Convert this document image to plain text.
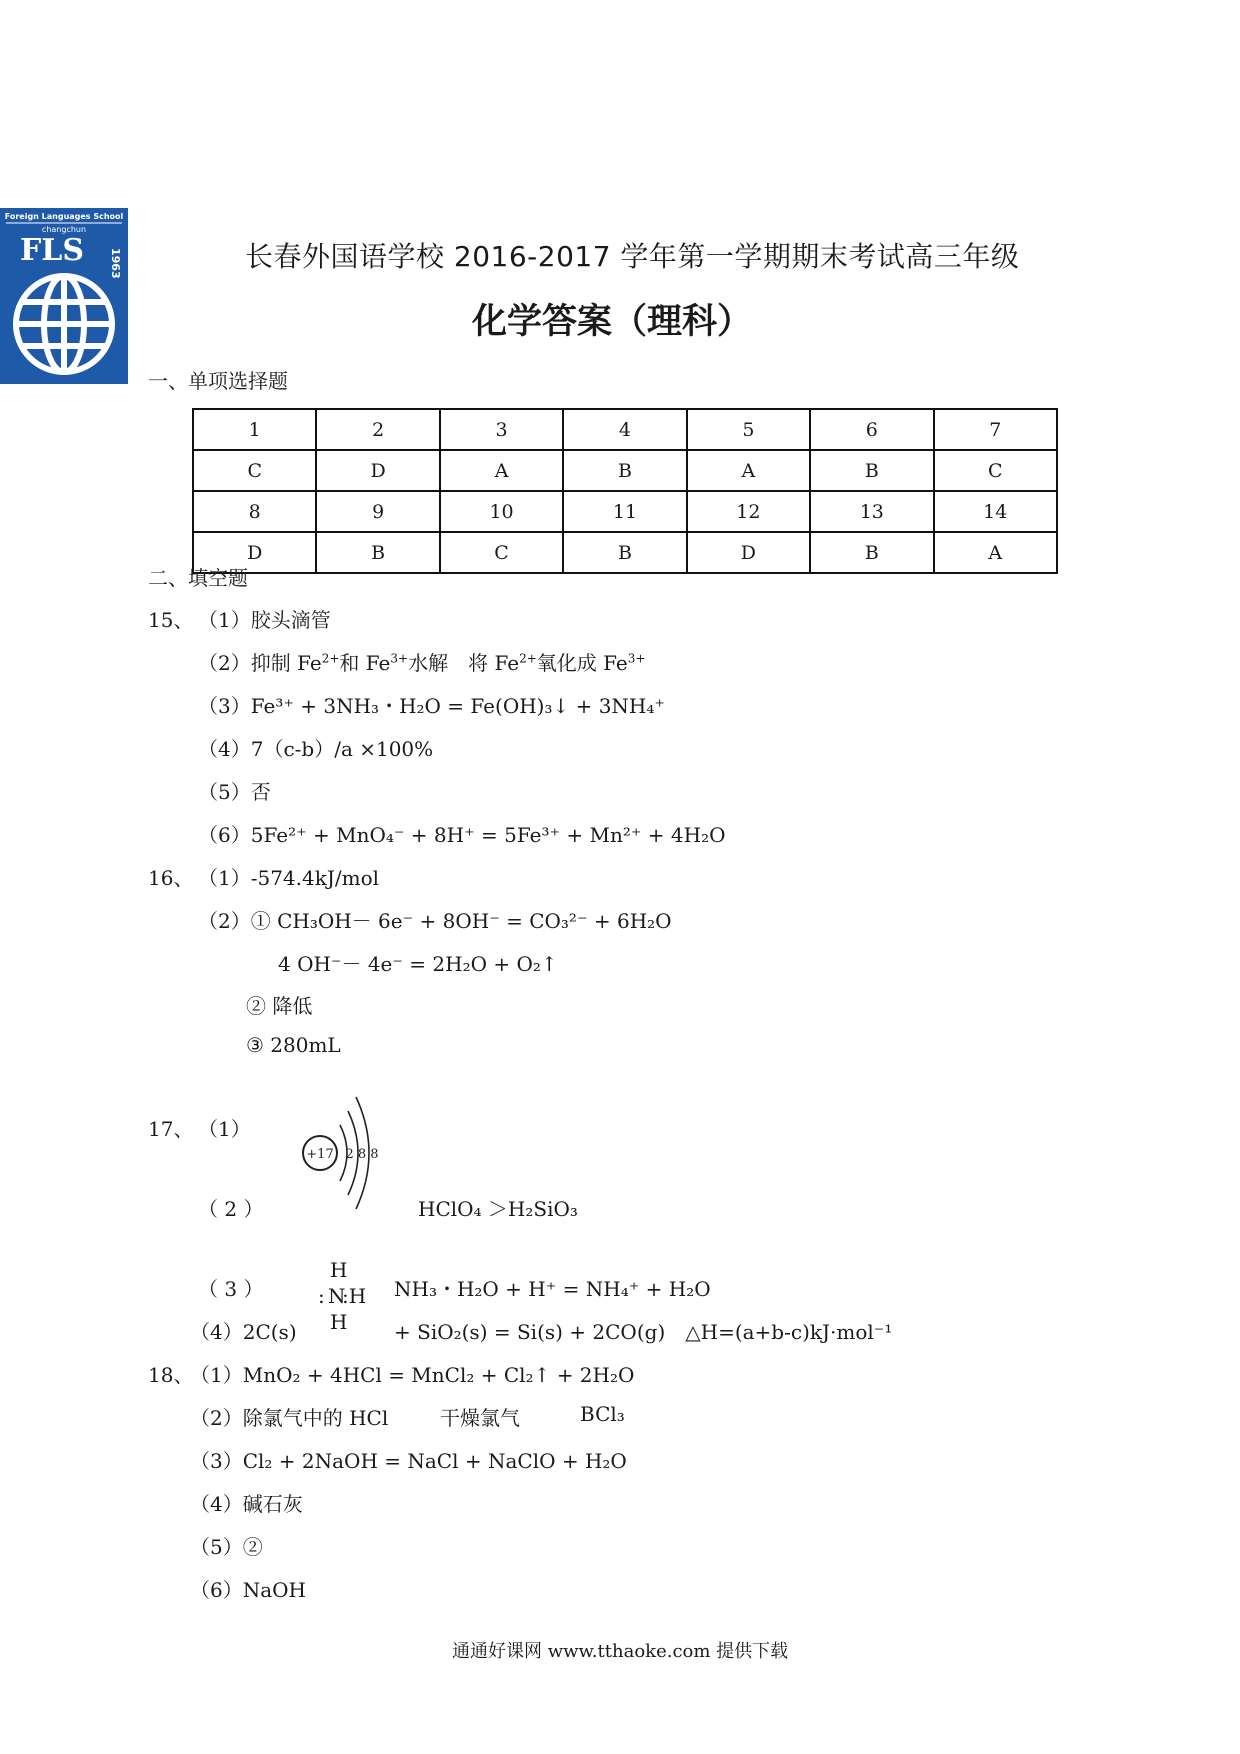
Foreign Languages School
changchun
FLS 1963	长春外国语学校 2016-2017 学年第一学期期末考试高三年级
化学答案（理科）
一、单项选择题
1	2	3	4	5	6	7
C	D	A	B	A	B	C
8	9	10	11	12	13	14
D	B	C	B	D	B	A
二、填空题
15、 （1）胶头滴管
（2）抑制 $Fe^{2+}$和 $Fe^{3+}$水解　将 $Fe^{2+}$氧化成 $Fe^{3+}$
（3）Fe³⁺ + 3NH₃・H₂O = Fe(OH)₃↓ + 3NH₄⁺
（4）7（c-b）/a ×100%
（5）否
（6）5Fe²⁺ + MnO₄⁻ + 8H⁺ = 5Fe³⁺ + Mn²⁺ + 4H₂O
16、 （1）-574.4kJ/mol
（2）① CH₃OH－ 6e⁻ + 8OH⁻ = CO₃²⁻ + 6H₂O
4 OH⁻－ 4e⁻ = 2H₂O + O₂↑
② 降低
③ 280mL
17、 （1）
+17 2 8 8
（ 2 ）	HClO₄ ＞H₂SiO₃
（ 3 ）
H
: N
:H
H
NH₃・H₂O + H⁺ = NH₄⁺ + H₂O
（4）2C(s)	+ SiO₂(s) = Si(s) + 2CO(g)　△H=(a+b-c)kJ·mol⁻¹
18、
（1）MnO₂ + 4HCl = MnCl₂ + Cl₂↑ + 2H₂O
（2）除氯气中的 HCl	干燥氯气	BCl₃
（3）Cl₂ + 2NaOH = NaCl + NaClO + H₂O
（4）碱石灰
（5）②
（6）NaOH
通通好课网 www.tthaoke.com 提供下载
